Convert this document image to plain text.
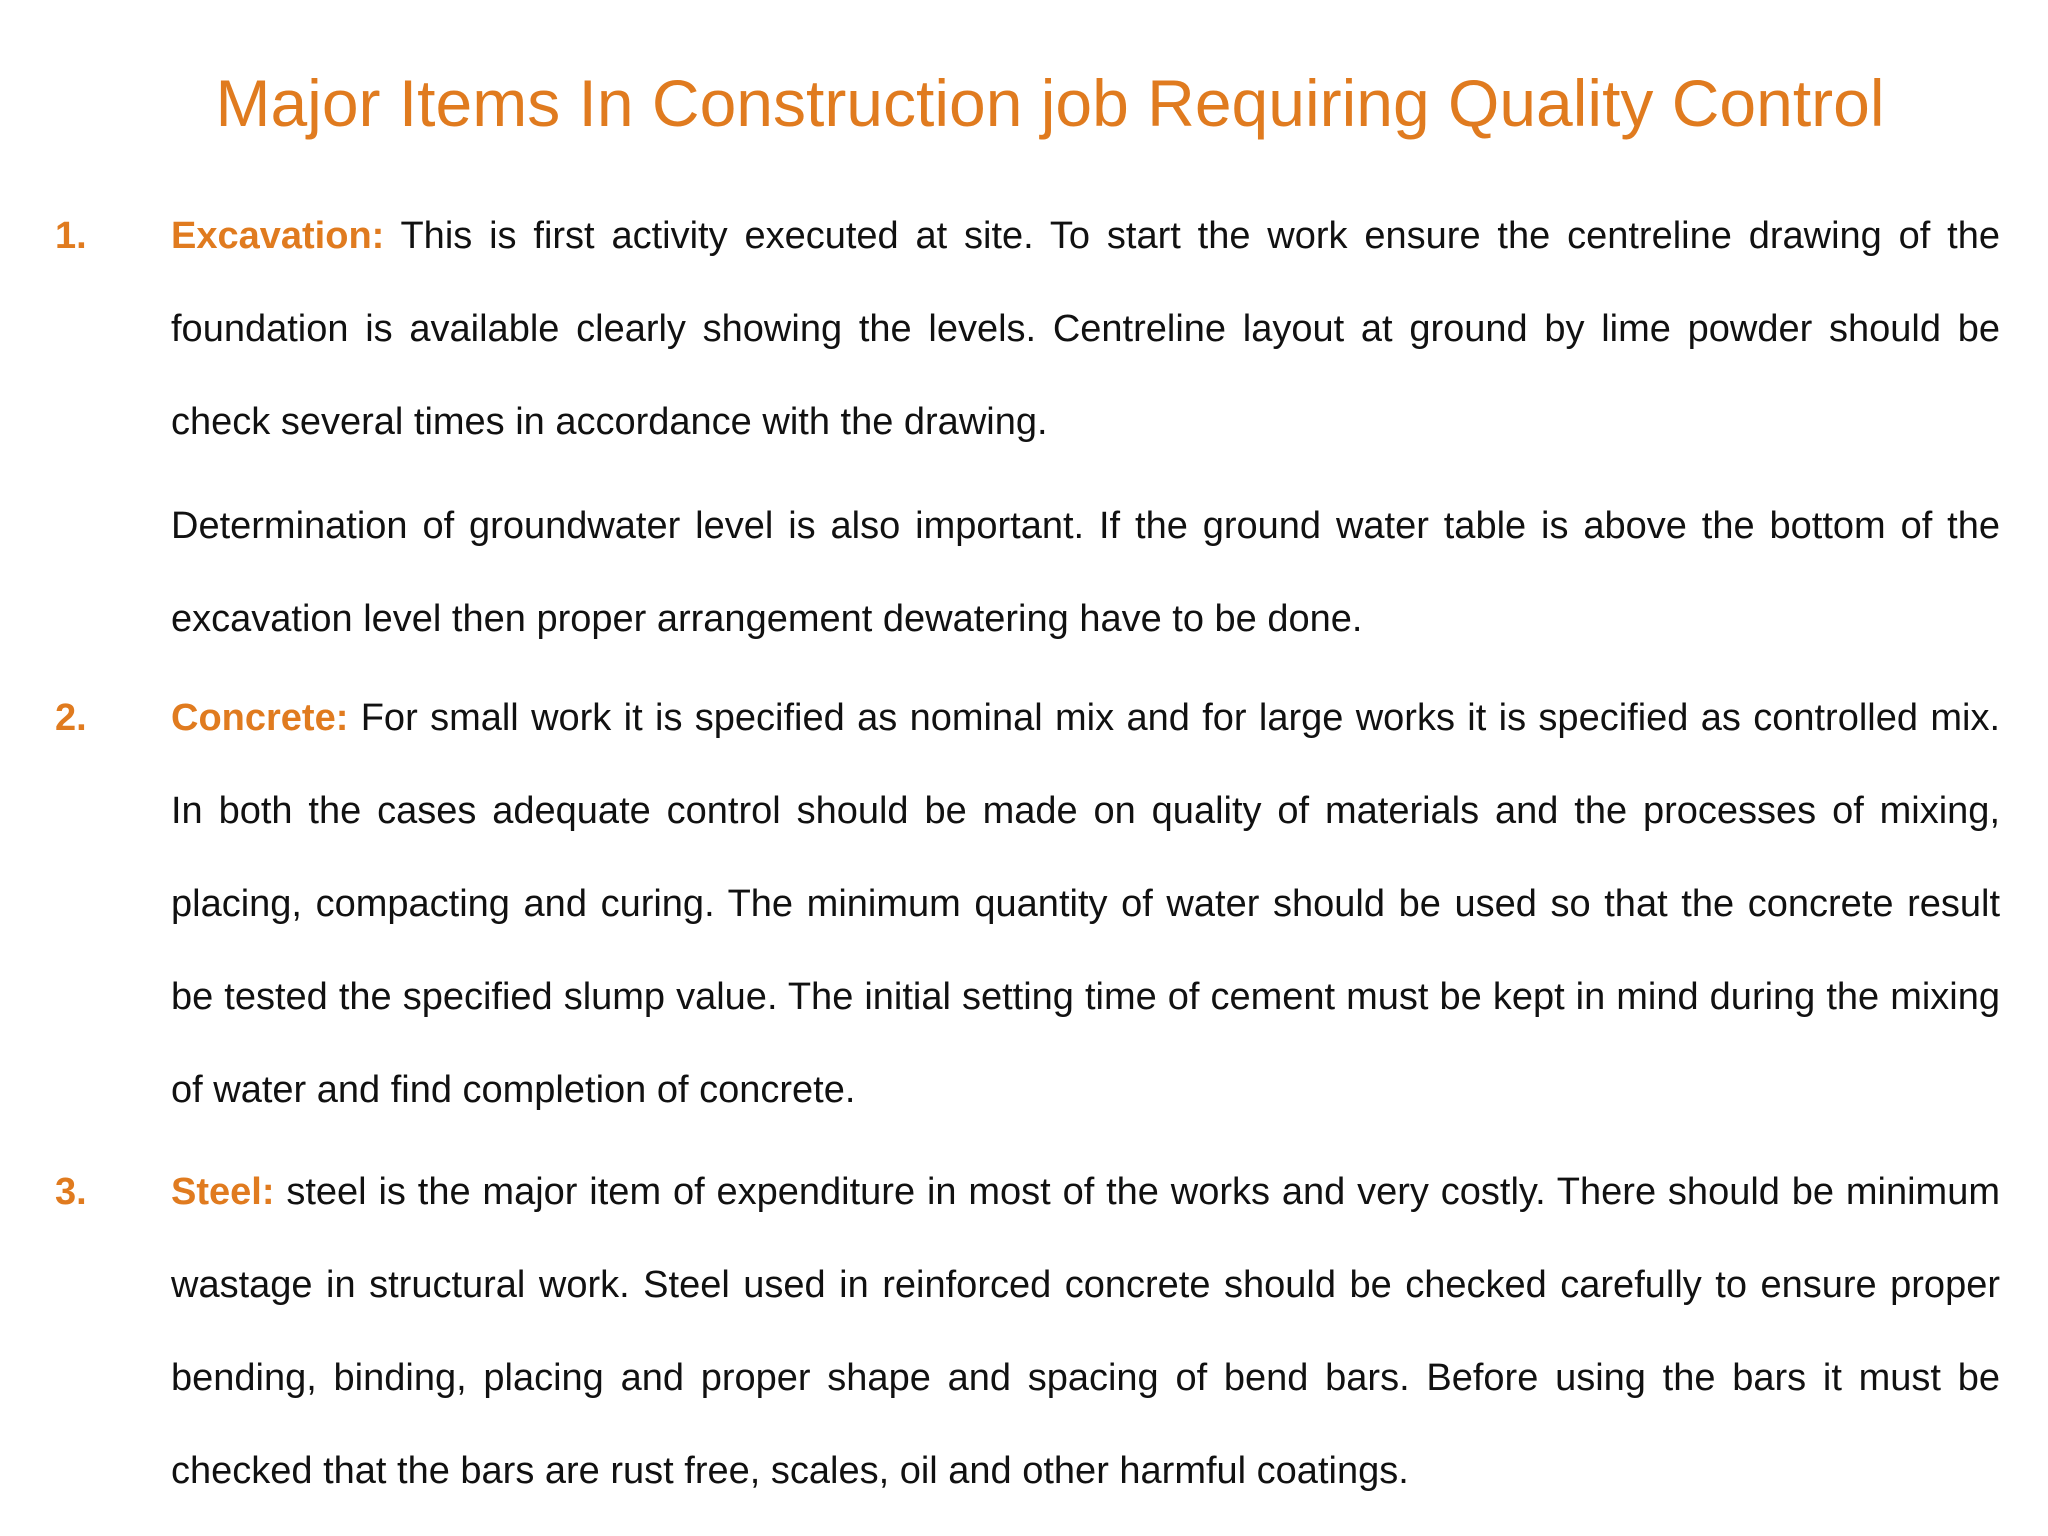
Major Items In Construction job Requiring Quality Control
1. Excavation: This is first activity executed at site. To start the work ensure the centreline drawing of the foundation is available clearly showing the levels. Centreline layout at ground by lime powder should be check several times in accordance with the drawing.

Determination of groundwater level is also important. If the ground water table is above the bottom of the excavation level then proper arrangement dewatering have to be done.

2. Concrete: For small work it is specified as nominal mix and for large works it is specified as controlled mix. In both the cases adequate control should be made on quality of materials and the processes of mixing, placing, compacting and curing. The minimum quantity of water should be used so that the concrete result be tested the specified slump value. The initial setting time of cement must be kept in mind during the mixing of water and find completion of concrete.

3. Steel: steel is the major item of expenditure in most of the works and very costly. There should be minimum wastage in structural work. Steel used in reinforced concrete should be checked carefully to ensure proper bending, binding, placing and proper shape and spacing of bend bars. Before using the bars it must be checked that the bars are rust free, scales, oil and other harmful coatings.
